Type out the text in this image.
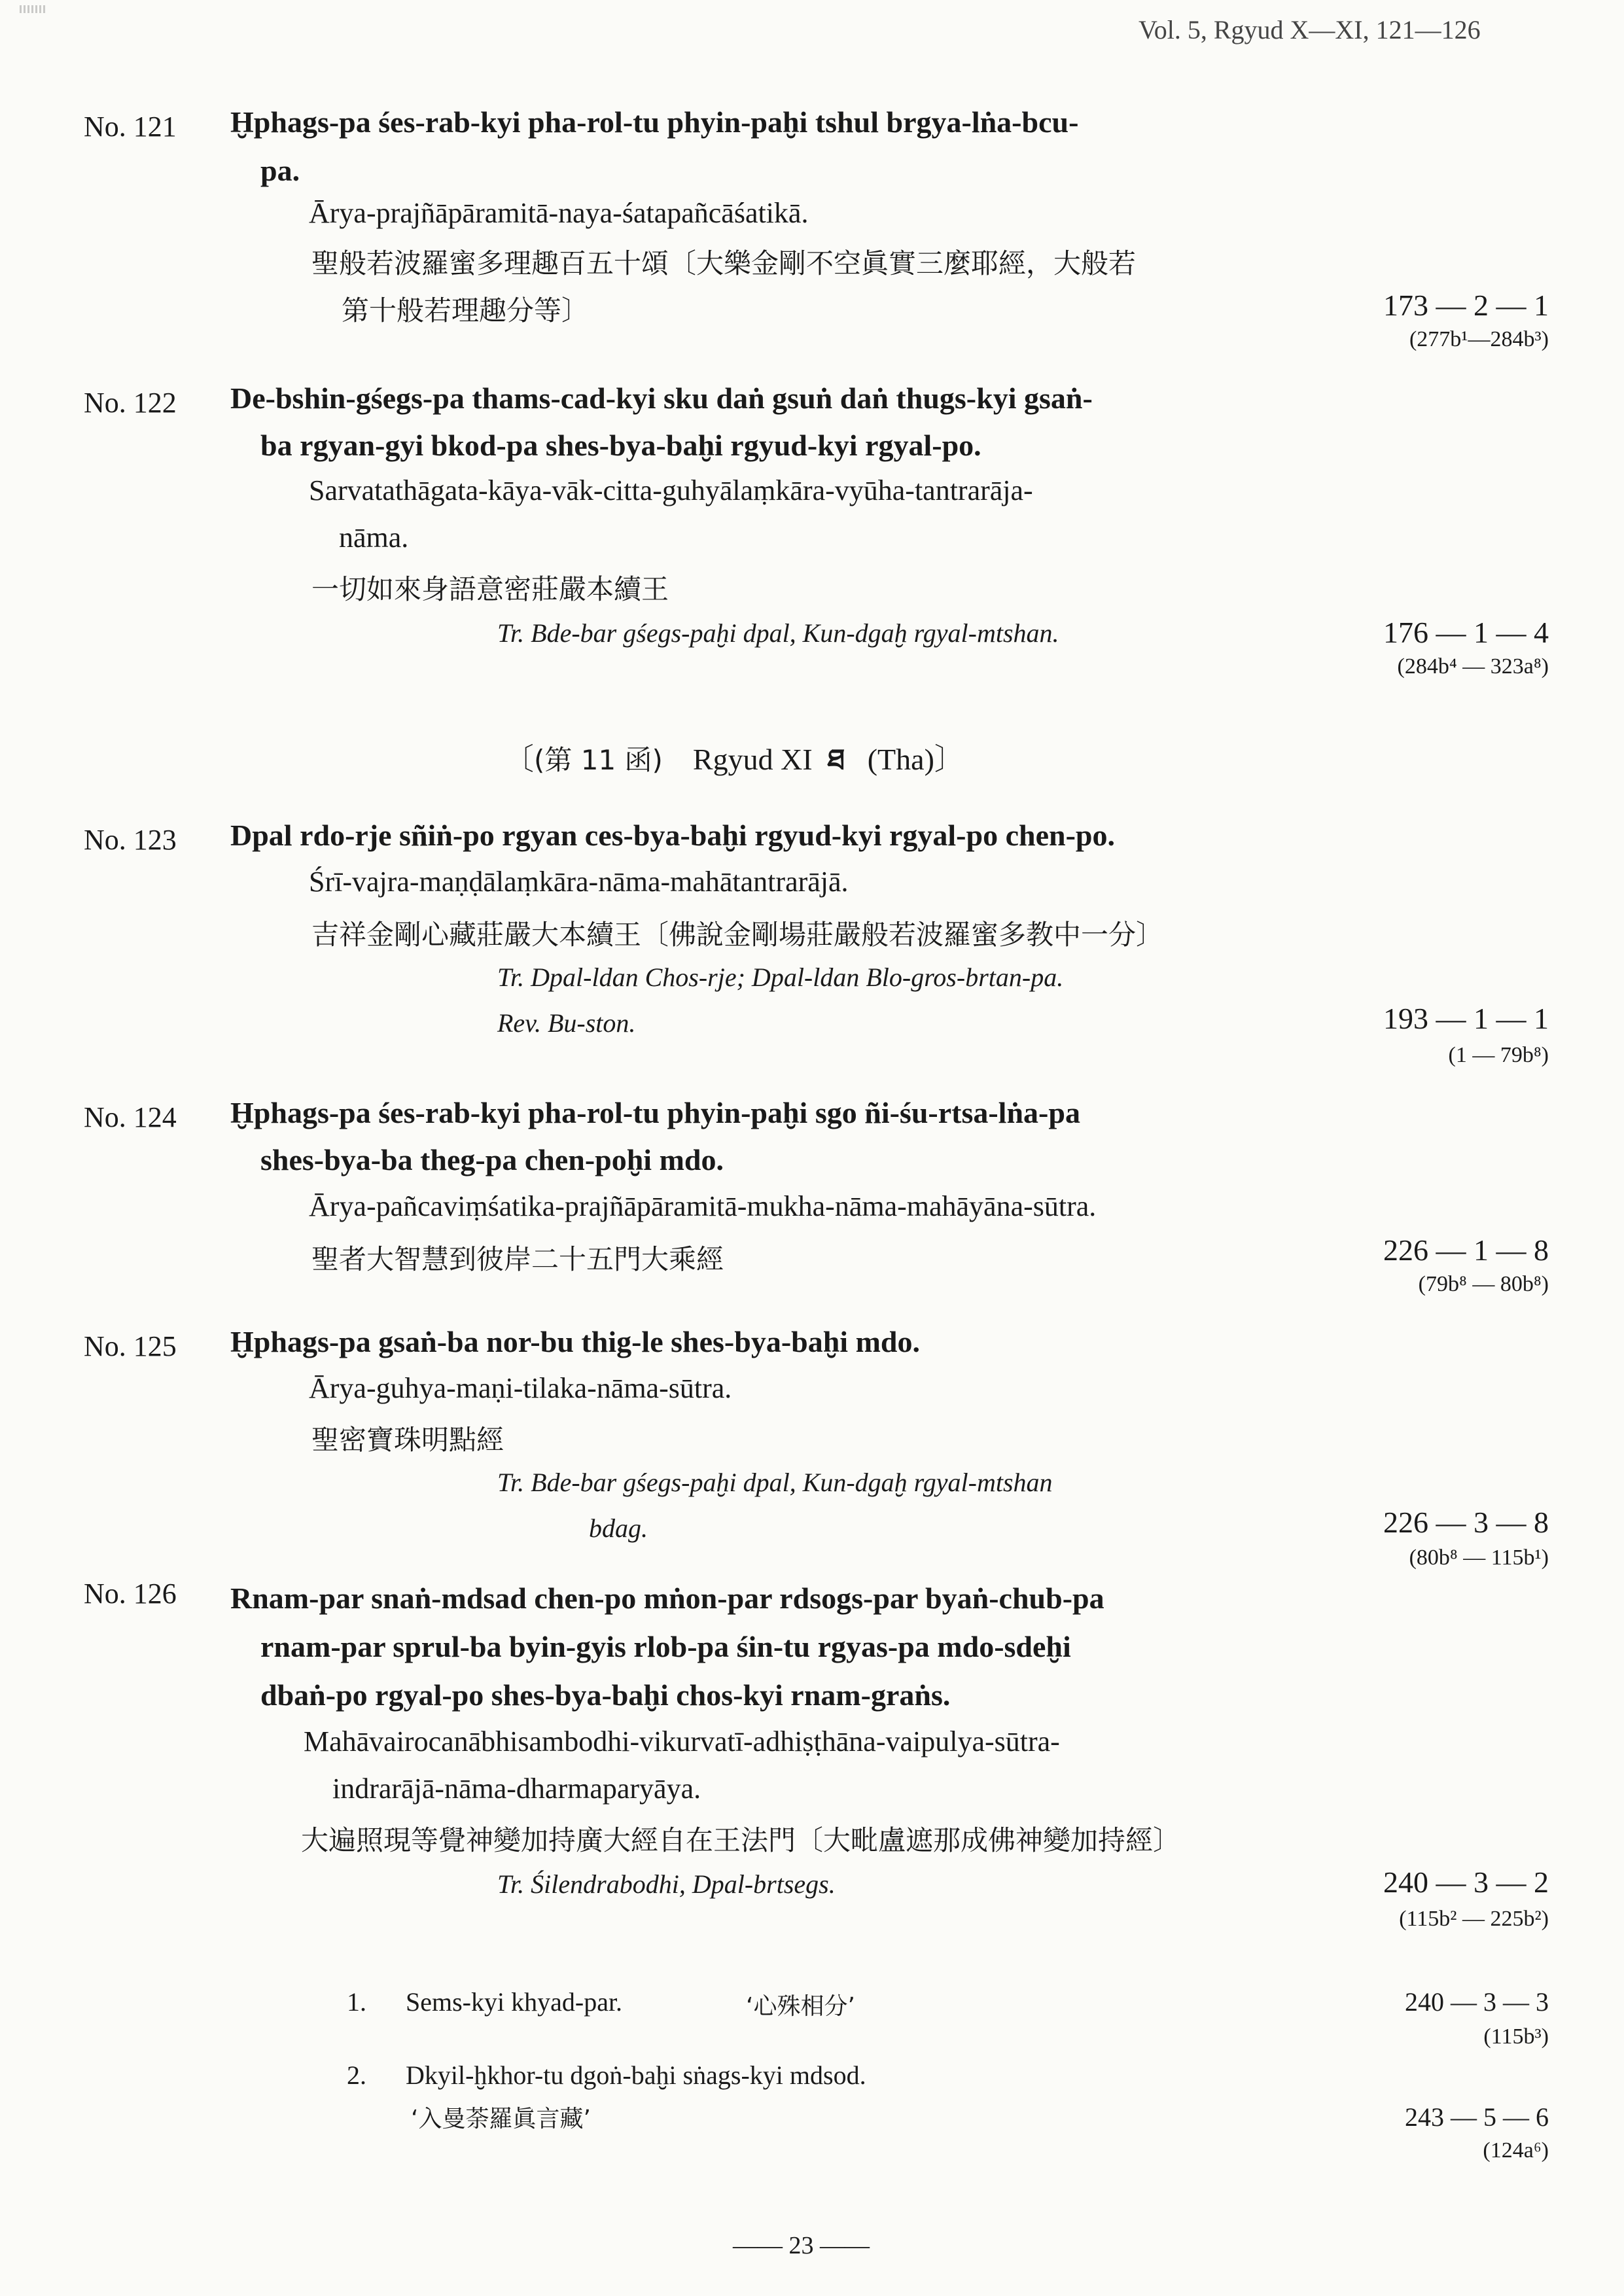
Vol. 5, Rgyud X—XI, 121—126
No. 121 Ḫphags-pa śes-rab-kyi pha-rol-tu phyin-paḫi tshul brgya-lṅa-bcu-
pa.
Ārya-prajñāpāramitā-naya-śatapañcāśatikā.
聖般若波羅蜜多理趣百五十頌〔大樂金剛不空眞實三麼耶經，大般若
第十般若理趣分等〕	173 — 2 — 1
(277b¹—284b³)
No. 122 De-bshin-gśegs-pa thams-cad-kyi sku daṅ gsuṅ daṅ thugs-kyi gsaṅ-
ba rgyan-gyi bkod-pa shes-bya-baḫi rgyud-kyi rgyal-po.
Sarvatathāgata-kāya-vāk-citta-guhyālaṃkāra-vyūha-tantrarāja-
nāma.
一切如來身語意密莊嚴本續王
Tr. Bde-bar gśegs-paḫi dpal, Kun-dgaḫ rgyal-mtshan.	176 — 1 — 4
(284b⁴ — 323a⁸)
〔(第 11 函) Rgyud XI ཐ (Tha)〕
No. 123 Dpal rdo-rje sñiṅ-po rgyan ces-bya-baḫi rgyud-kyi rgyal-po chen-po.
Śrī-vajra-maṇḍālaṃkāra-nāma-mahātantrarājā.
吉祥金剛心藏莊嚴大本續王〔佛說金剛場莊嚴般若波羅蜜多教中一分〕
Tr. Dpal-ldan Chos-rje; Dpal-ldan Blo-gros-brtan-pa.
Rev. Bu-ston.	193 — 1 — 1
(1 — 79b⁸)
No. 124 Ḫphags-pa śes-rab-kyi pha-rol-tu phyin-paḫi sgo ñi-śu-rtsa-lṅa-pa
shes-bya-ba theg-pa chen-poḫi mdo.
Ārya-pañcaviṃśatika-prajñāpāramitā-mukha-nāma-mahāyāna-sūtra.
聖者大智慧到彼岸二十五門大乘經	226 — 1 — 8
(79b⁸ — 80b⁸)
No. 125 Ḫphags-pa gsaṅ-ba nor-bu thig-le shes-bya-baḫi mdo.
Ārya-guhya-maṇi-tilaka-nāma-sūtra.
聖密寶珠明點經
Tr. Bde-bar gśegs-paḫi dpal, Kun-dgaḫ rgyal-mtshan
bdag.	226 — 3 — 8
(80b⁸ — 115b¹)
No. 126 Rnam-par snaṅ-mdsad chen-po mṅon-par rdsogs-par byaṅ-chub-pa
rnam-par sprul-ba byin-gyis rlob-pa śin-tu rgyas-pa mdo-sdeḫi
dbaṅ-po rgyal-po shes-bya-baḫi chos-kyi rnam-graṅs.
Mahāvairocanābhisambodhi-vikurvatī-adhiṣṭhāna-vaipulya-sūtra-
indrarājā-nāma-dharmaparyāya.
大遍照現等覺神變加持廣大經自在王法門〔大毗盧遮那成佛神變加持經〕
Tr. Śilendrabodhi, Dpal-brtsegs.	240 — 3 — 2
(115b² — 225b²)
1. Sems-kyi khyad-par.	‘心殊相分’	240 — 3 — 3
(115b³)
2. Dkyil-ḫkhor-tu dgoṅ-baḫi sṅags-kyi mdsod.
‘入曼荼羅眞言藏’	243 — 5 — 6
(124a⁶)
—— 23 ——
